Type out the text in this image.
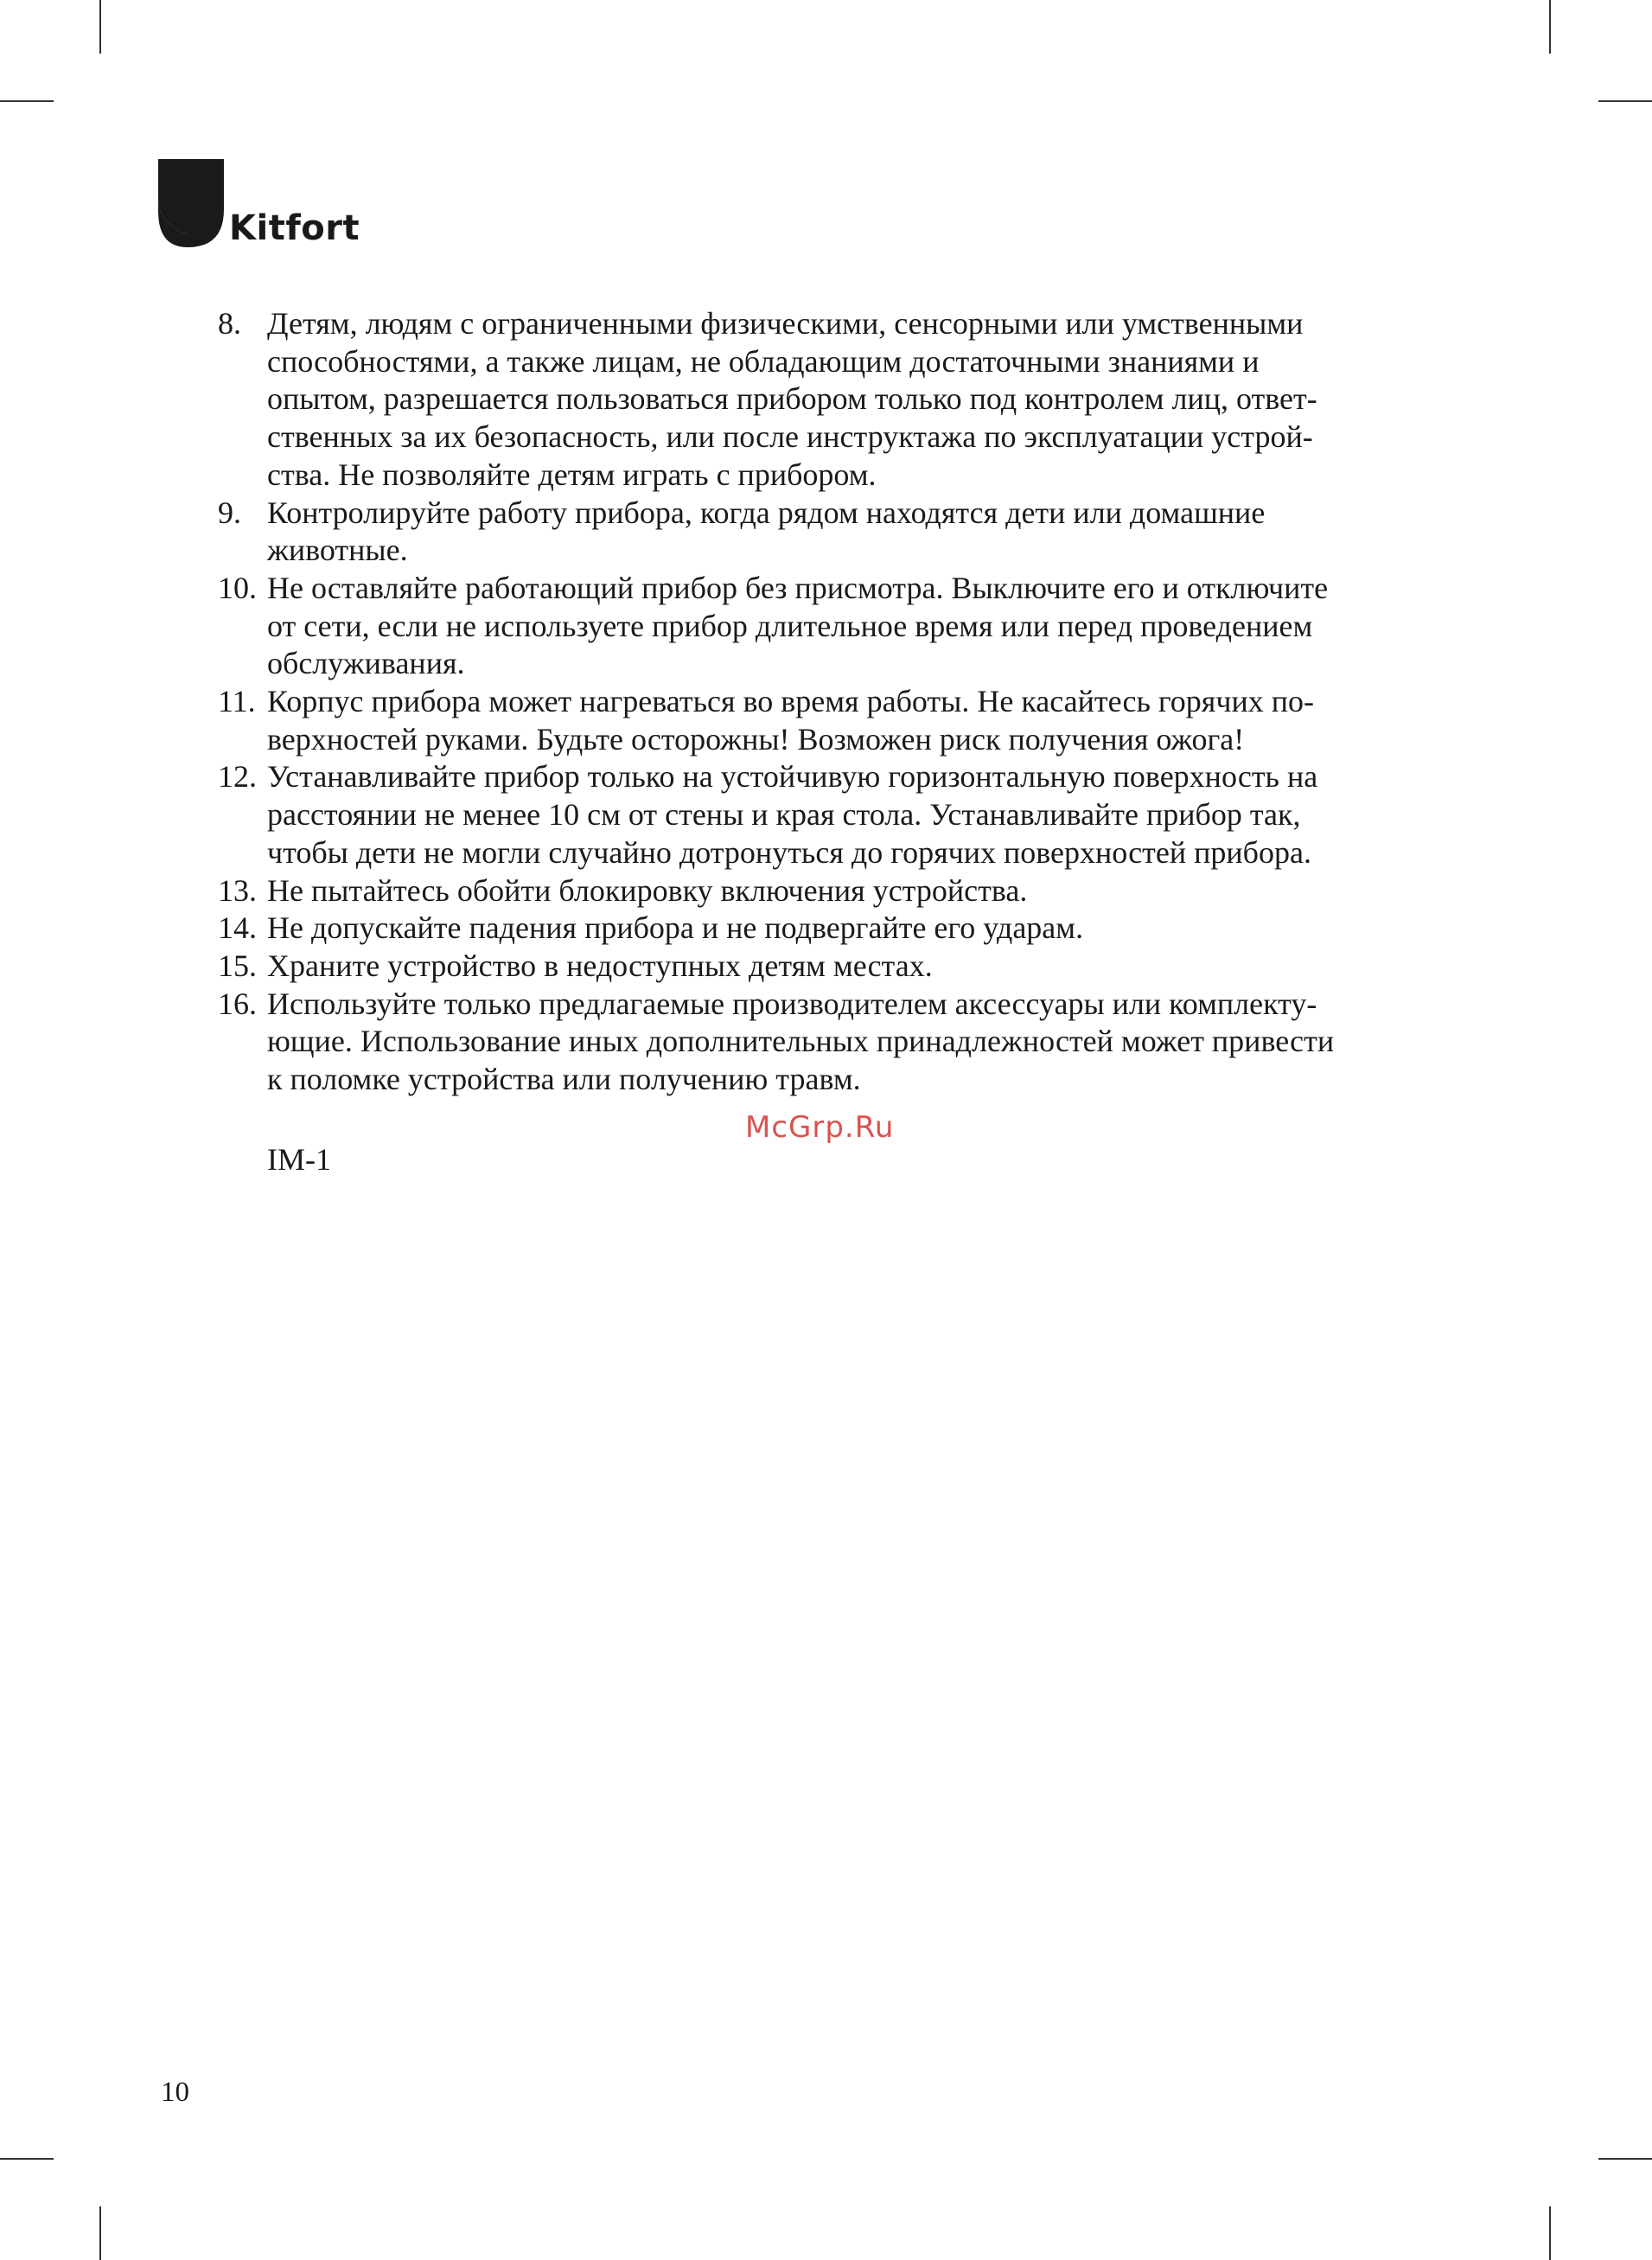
Kitfort
8. Детям, людям с ограниченными физическими, сенсорными или умственными
способностями, а также лицам, не обладающим достаточными знаниями и
опытом, разрешается пользоваться прибором только под контролем лиц, ответ-
ственных за их безопасность, или после инструктажа по эксплуатации устрой-
ства. Не позволяйте детям играть с прибором.
9. Контролируйте работу прибора, когда рядом находятся дети или домашние
животные.
10. Не оставляйте работающий прибор без присмотра. Выключите его и отключите
от сети, если не используете прибор длительное время или перед проведением
обслуживания.
11. Корпус прибора может нагреваться во время работы. Не касайтесь горячих по-
верхностей руками. Будьте осторожны! Возможен риск получения ожога!
12. Устанавливайте прибор только на устойчивую горизонтальную поверхность на
расстоянии не менее 10 см от стены и края стола. Устанавливайте прибор так,
чтобы дети не могли случайно дотронуться до горячих поверхностей прибора.
13. Не пытайтесь обойти блокировку включения устройства.
14. Не допускайте падения прибора и не подвергайте его ударам.
15. Храните устройство в недоступных детям местах.
16. Используйте только предлагаемые производителем аксессуары или комплекту-
ющие. Использование иных дополнительных принадлежностей может привести
к поломке устройства или получению травм.
McGrp.Ru
IM-1
10
